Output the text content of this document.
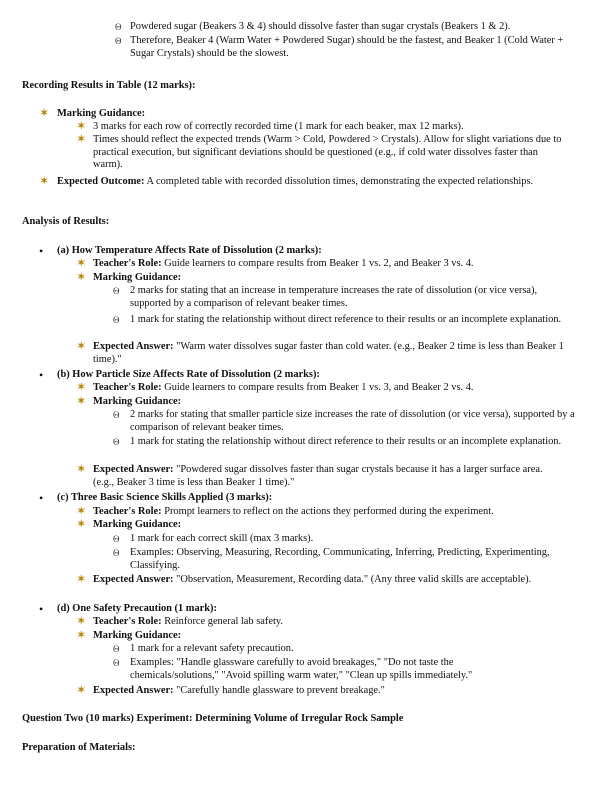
Θ Powdered sugar (Beakers 3 & 4) should dissolve faster than sugar crystals (Beakers 1 & 2).

Θ Therefore, Beaker 4 (Warm Water + Powdered Sugar) should be the fastest, and Beaker 1 (Cold Water + Sugar Crystals) should be the slowest.

Recording Results in Table (12 marks):

✶ Marking Guidance:

✶ 3 marks for each row of correctly recorded time (1 mark for each beaker, max 12 marks).

✶ Times should reflect the expected trends (Warm > Cold, Powdered > Crystals). Allow for slight variations due to practical execution, but significant deviations should be questioned (e.g., if cold water dissolves faster than warm).

✶ Expected Outcome: A completed table with recorded dissolution times, demonstrating the expected relationships.

Analysis of Results:

• (a) How Temperature Affects Rate of Dissolution (2 marks):

✶ Teacher's Role: Guide learners to compare results from Beaker 1 vs. 2, and Beaker 3 vs. 4.

✶ Marking Guidance:

Θ 2 marks for stating that an increase in temperature increases the rate of dissolution (or vice versa), supported by a comparison of relevant beaker times.

Θ 1 mark for stating the relationship without direct reference to their results or an incomplete explanation.

✶ Expected Answer: "Warm water dissolves sugar faster than cold water. (e.g., Beaker 2 time is less than Beaker 1 time)."

• (b) How Particle Size Affects Rate of Dissolution (2 marks):

✶ Teacher's Role: Guide learners to compare results from Beaker 1 vs. 3, and Beaker 2 vs. 4.

✶ Marking Guidance:

Θ 2 marks for stating that smaller particle size increases the rate of dissolution (or vice versa), supported by a comparison of relevant beaker times.

Θ 1 mark for stating the relationship without direct reference to their results or an incomplete explanation.

✶ Expected Answer: "Powdered sugar dissolves faster than sugar crystals because it has a larger surface area. (e.g., Beaker 3 time is less than Beaker 1 time)."

• (c) Three Basic Science Skills Applied (3 marks):

✶ Teacher's Role: Prompt learners to reflect on the actions they performed during the experiment.

✶ Marking Guidance:

Θ 1 mark for each correct skill (max 3 marks).

Θ Examples: Observing, Measuring, Recording, Communicating, Inferring, Predicting, Experimenting, Classifying.

✶ Expected Answer: "Observation, Measurement, Recording data." (Any three valid skills are acceptable).

• (d) One Safety Precaution (1 mark):

✶ Teacher's Role: Reinforce general lab safety.

✶ Marking Guidance:

Θ 1 mark for a relevant safety precaution.

Θ Examples: "Handle glassware carefully to avoid breakages," "Do not taste the chemicals/solutions," "Avoid spilling warm water," "Clean up spills immediately."

✶ Expected Answer: "Carefully handle glassware to prevent breakage."

Question Two (10 marks) Experiment: Determining Volume of Irregular Rock Sample

Preparation of Materials:
